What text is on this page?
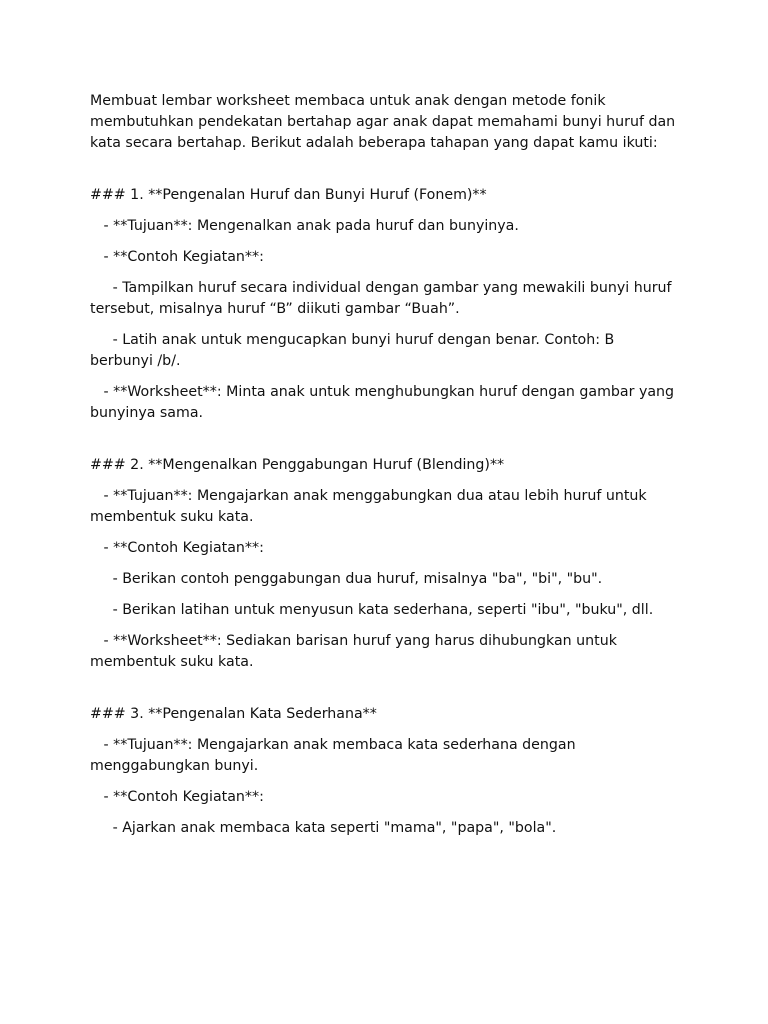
Membuat lembar worksheet membaca untuk anak dengan metode fonik membutuhkan pendekatan bertahap agar anak dapat memahami bunyi huruf dan kata secara bertahap. Berikut adalah beberapa tahapan yang dapat kamu ikuti:

### 1. **Pengenalan Huruf dan Bunyi Huruf (Fonem)**

- **Tujuan**: Mengenalkan anak pada huruf dan bunyinya.

- **Contoh Kegiatan**:

- Tampilkan huruf secara individual dengan gambar yang mewakili bunyi huruf tersebut, misalnya huruf “B” diikuti gambar “Buah”.

- Latih anak untuk mengucapkan bunyi huruf dengan benar. Contoh: B berbunyi /b/.

- **Worksheet**: Minta anak untuk menghubungkan huruf dengan gambar yang bunyinya sama.

### 2. **Mengenalkan Penggabungan Huruf (Blending)**

- **Tujuan**: Mengajarkan anak menggabungkan dua atau lebih huruf untuk membentuk suku kata.

- **Contoh Kegiatan**:

- Berikan contoh penggabungan dua huruf, misalnya "ba", "bi", "bu".

- Berikan latihan untuk menyusun kata sederhana, seperti "ibu", "buku", dll.

- **Worksheet**: Sediakan barisan huruf yang harus dihubungkan untuk membentuk suku kata.

### 3. **Pengenalan Kata Sederhana**

- **Tujuan**: Mengajarkan anak membaca kata sederhana dengan menggabungkan bunyi.

- **Contoh Kegiatan**:

- Ajarkan anak membaca kata seperti "mama", "papa", "bola".
